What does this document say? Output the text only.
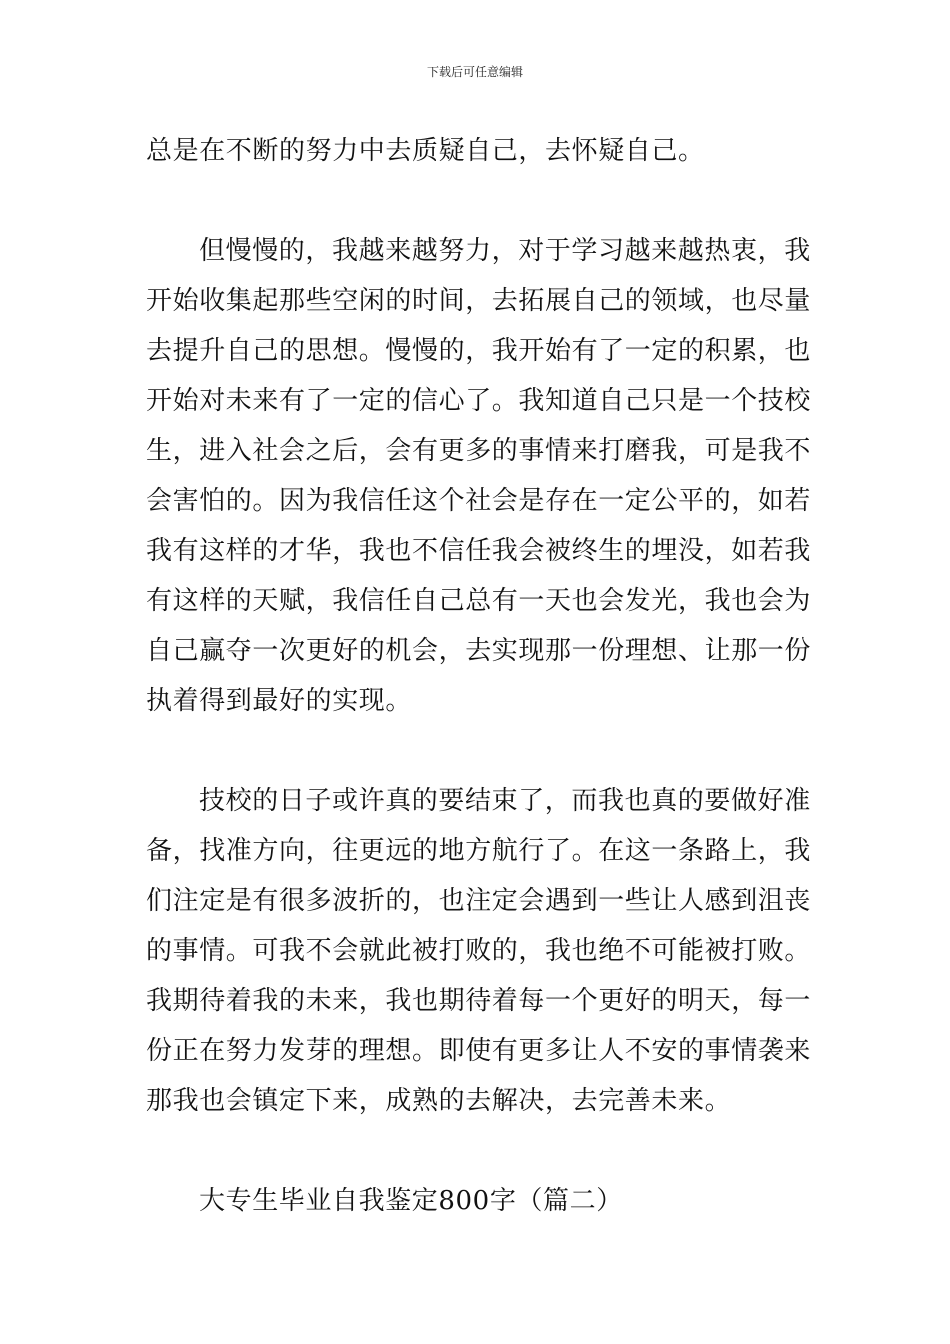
下载后可任意编辑
总是在不断的努力中去质疑自己，去怀疑自己。
但慢慢的，我越来越努力，对于学习越来越热衷，我
开始收集起那些空闲的时间，去拓展自己的领域，也尽量
去提升自己的思想。慢慢的，我开始有了一定的积累，也
开始对未来有了一定的信心了。我知道自己只是一个技校
生，进入社会之后，会有更多的事情来打磨我，可是我不
会害怕的。因为我信任这个社会是存在一定公平的，如若
我有这样的才华，我也不信任我会被终生的埋没，如若我
有这样的天赋，我信任自己总有一天也会发光，我也会为
自己赢夺一次更好的机会，去实现那一份理想、让那一份
执着得到最好的实现。
技校的日子或许真的要结束了，而我也真的要做好准
备，找准方向，往更远的地方航行了。在这一条路上，我
们注定是有很多波折的，也注定会遇到一些让人感到沮丧
的事情。可我不会就此被打败的，我也绝不可能被打败。
我期待着我的未来，我也期待着每一个更好的明天，每一
份正在努力发芽的理想。即使有更多让人不安的事情袭来
那我也会镇定下来，成熟的去解决，去完善未来。
大专生毕业自我鉴定800字（篇二）
